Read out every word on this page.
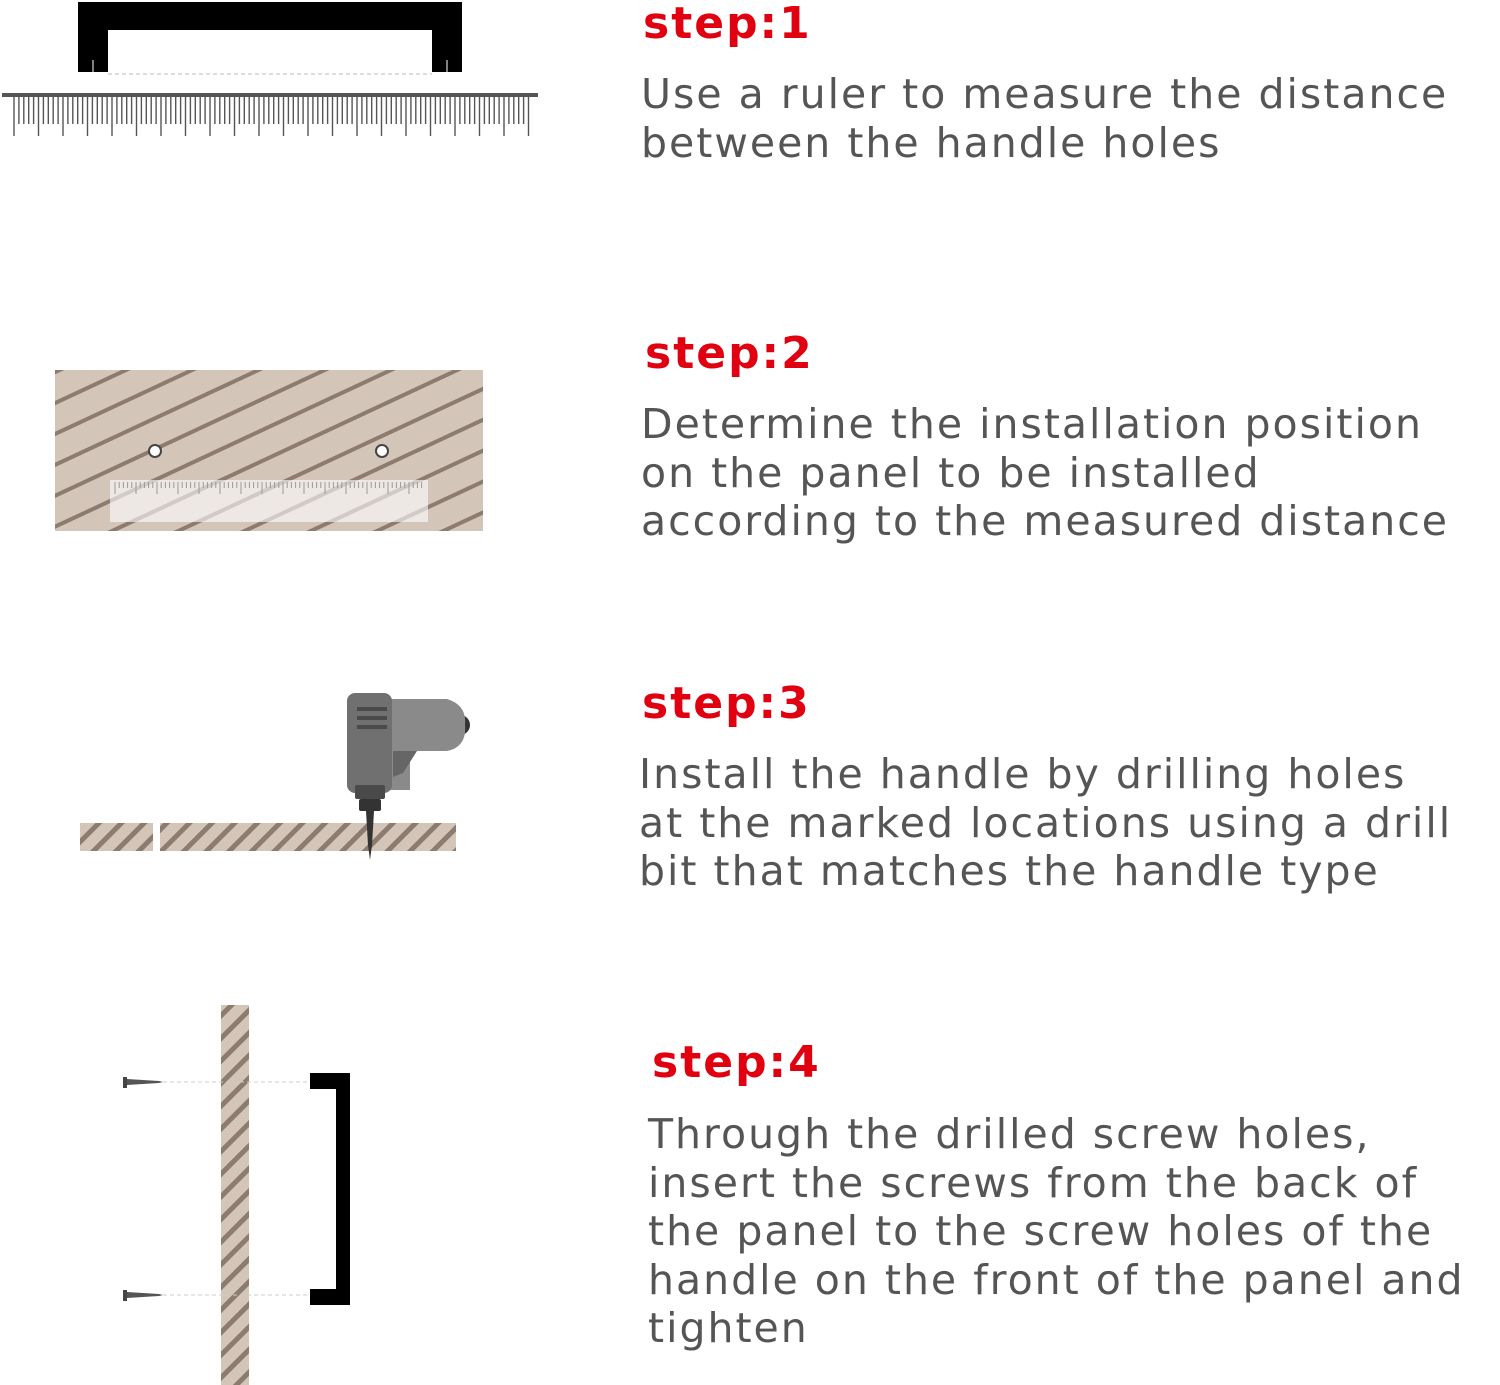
step:1
Use a ruler to measure the distance
between the handle holes
step:2
Determine the installation position
on the panel to be installed
according to the measured distance
step:3
Install the handle by drilling holes
at the marked locations using a drill
bit that matches the handle type
step:4
Through the drilled screw holes,
insert the screws from the back of
the panel to the screw holes of the
handle on the front of the panel and
tighten
